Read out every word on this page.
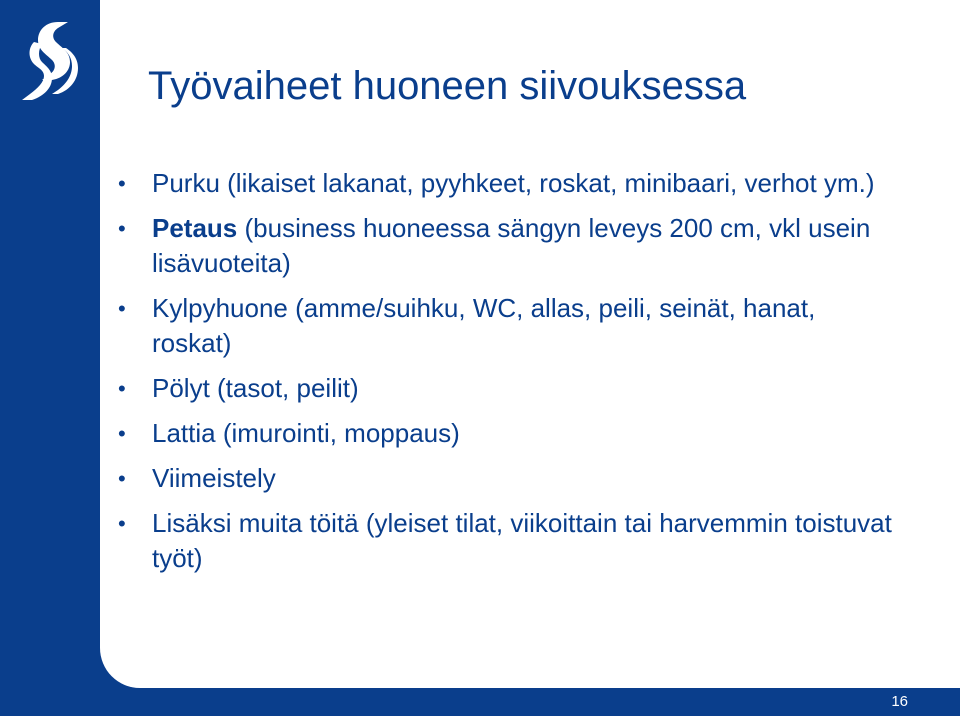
Työvaiheet huoneen siivouksessa
• Purku (likaiset lakanat, pyyhkeet, roskat, minibaari, verhot ym.)
• Petaus (business huoneessa sängyn leveys 200 cm, vkl usein lisävuoteita)
• Kylpyhuone (amme/suihku, WC, allas, peili, seinät, hanat, roskat)
• Pölyt (tasot, peilit)
• Lattia (imurointi, moppaus)
• Viimeistely
• Lisäksi muita töitä (yleiset tilat, viikoittain tai harvemmin toistuvat työt)
16
